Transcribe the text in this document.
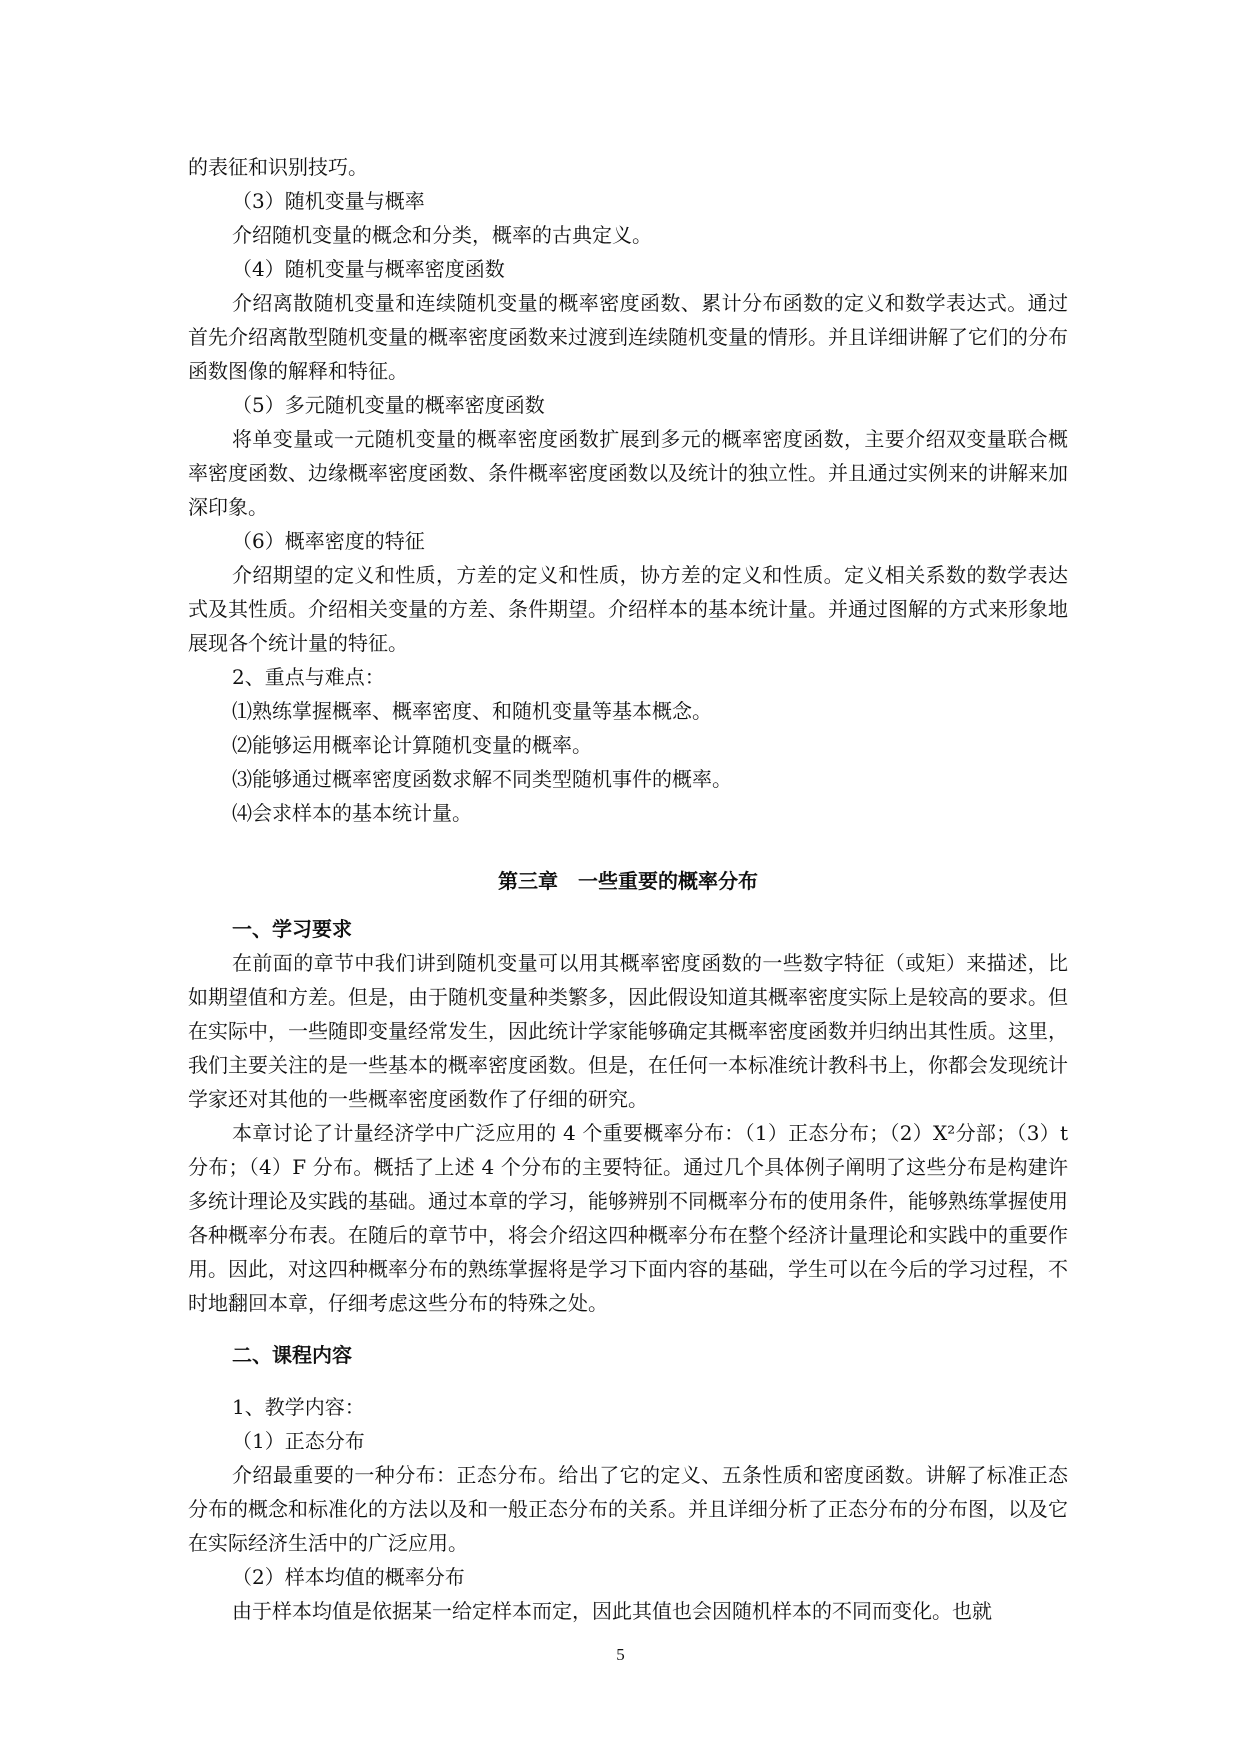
的表征和识别技巧。

（3）随机变量与概率

介绍随机变量的概念和分类，概率的古典定义。

（4）随机变量与概率密度函数

介绍离散随机变量和连续随机变量的概率密度函数、累计分布函数的定义和数学表达式。通过首先介绍离散型随机变量的概率密度函数来过渡到连续随机变量的情形。并且详细讲解了它们的分布函数图像的解释和特征。

（5）多元随机变量的概率密度函数

将单变量或一元随机变量的概率密度函数扩展到多元的概率密度函数，主要介绍双变量联合概率密度函数、边缘概率密度函数、条件概率密度函数以及统计的独立性。并且通过实例来的讲解来加深印象。

（6）概率密度的特征

介绍期望的定义和性质，方差的定义和性质，协方差的定义和性质。定义相关系数的数学表达式及其性质。介绍相关变量的方差、条件期望。介绍样本的基本统计量。并通过图解的方式来形象地展现各个统计量的特征。

2、重点与难点：

⑴熟练掌握概率、概率密度、和随机变量等基本概念。

⑵能够运用概率论计算随机变量的概率。

⑶能够通过概率密度函数求解不同类型随机事件的概率。

⑷会求样本的基本统计量。

第三章　一些重要的概率分布

一、学习要求

在前面的章节中我们讲到随机变量可以用其概率密度函数的一些数字特征（或矩）来描述，比如期望值和方差。但是，由于随机变量种类繁多，因此假设知道其概率密度实际上是较高的要求。但在实际中，一些随即变量经常发生，因此统计学家能够确定其概率密度函数并归纳出其性质。这里，我们主要关注的是一些基本的概率密度函数。但是，在任何一本标准统计教科书上，你都会发现统计学家还对其他的一些概率密度函数作了仔细的研究。

本章讨论了计量经济学中广泛应用的 4 个重要概率分布：（1）正态分布；（2）X²分部；（3）t 分布；（4）F 分布。概括了上述 4 个分布的主要特征。通过几个具体例子阐明了这些分布是构建许多统计理论及实践的基础。通过本章的学习，能够辨别不同概率分布的使用条件，能够熟练掌握使用各种概率分布表。在随后的章节中，将会介绍这四种概率分布在整个经济计量理论和实践中的重要作用。因此，对这四种概率分布的熟练掌握将是学习下面内容的基础，学生可以在今后的学习过程，不时地翻回本章，仔细考虑这些分布的特殊之处。

二、课程内容

1、教学内容：

（1）正态分布

介绍最重要的一种分布：正态分布。给出了它的定义、五条性质和密度函数。讲解了标准正态分布的概念和标准化的方法以及和一般正态分布的关系。并且详细分析了正态分布的分布图，以及它在实际经济生活中的广泛应用。

（2）样本均值的概率分布

由于样本均值是依据某一给定样本而定，因此其值也会因随机样本的不同而变化。也就

5
